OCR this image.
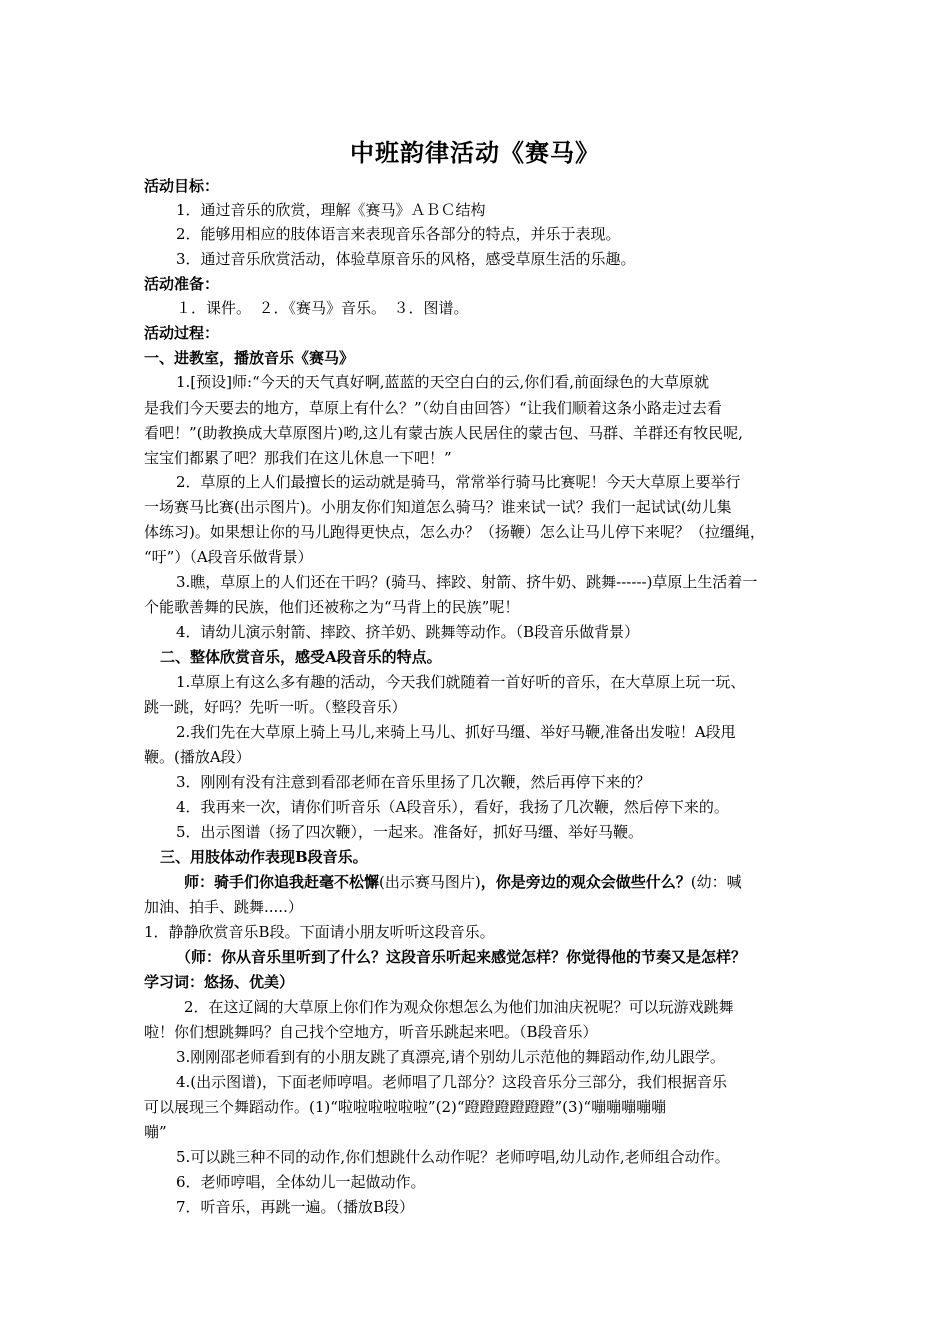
中班韵律活动《赛马》
活动目标：
1．通过音乐的欣赏，理解《赛马》ＡＢＣ结构
2．能够用相应的肢体语言来表现音乐各部分的特点，并乐于表现。
3．通过音乐欣赏活动，体验草原音乐的风格，感受草原生活的乐趣。
活动准备：
１．课件。　２．《赛马》音乐。　３．图谱。
活动过程：
一、进教室，播放音乐《赛马》
1.[预设]师:“今天的天气真好啊,蓝蓝的天空白白的云,你们看,前面绿色的大草原就
是我们今天要去的地方，草原上有什么？”（幼自由回答）“让我们顺着这条小路走过去看
看吧！”(助教换成大草原图片)哟,这儿有蒙古族人民居住的蒙古包、马群、羊群还有牧民呢,
宝宝们都累了吧？那我们在这儿休息一下吧！”
2．草原的上人们最擅长的运动就是骑马，常常举行骑马比赛呢！今天大草原上要举行
一场赛马比赛(出示图片)。小朋友你们知道怎么骑马？谁来试一试？我们一起试试(幼儿集
体练习)。如果想让你的马儿跑得更快点，怎么办？（扬鞭）怎么让马儿停下来呢？（拉缰绳，
“吁”）（A段音乐做背景）
3.瞧，草原上的人们还在干吗？(骑马、摔跤、射箭、挤牛奶、跳舞------)草原上生活着一
个能歌善舞的民族，他们还被称之为“马背上的民族”呢！
4．请幼儿演示射箭、摔跤、挤羊奶、跳舞等动作。（B段音乐做背景）
二、整体欣赏音乐，感受A段音乐的特点。
1.草原上有这么多有趣的活动，今天我们就随着一首好听的音乐，在大草原上玩一玩、
跳一跳，好吗？先听一听。（整段音乐）
2.我们先在大草原上骑上马儿,来骑上马儿、抓好马缰、举好马鞭,准备出发啦！A段甩
鞭。(播放A段）
3．刚刚有没有注意到看邵老师在音乐里扬了几次鞭，然后再停下来的？
4．我再来一次，请你们听音乐（A段音乐），看好，我扬了几次鞭，然后停下来的。
5．出示图谱（扬了四次鞭），一起来。准备好，抓好马缰、举好马鞭。
三、用肢体动作表现B段音乐。
师：骑手们你追我赶毫不松懈(出示赛马图片)，你是旁边的观众会做些什么？(幼：喊
加油、拍手、跳舞.....）
1．静静欣赏音乐B段。下面请小朋友听听这段音乐。
（师：你从音乐里听到了什么？这段音乐听起来感觉怎样？你觉得他的节奏又是怎样？
学习词：悠扬、优美）
2．在这辽阔的大草原上你们作为观众你想怎么为他们加油庆祝呢？可以玩游戏跳舞
啦！你们想跳舞吗？自己找个空地方，听音乐跳起来吧。（B段音乐）
3.刚刚邵老师看到有的小朋友跳了真漂亮,请个别幼儿示范他的舞蹈动作,幼儿跟学。
4.(出示图谱)，下面老师哼唱。老师唱了几部分？这段音乐分三部分，我们根据音乐
可以展现三个舞蹈动作。(1)“啦啦啦啦啦啦”(2)“蹬蹬蹬蹬蹬蹬”(3)“嘣嘣嘣嘣嘣
嘣”
5.可以跳三种不同的动作,你们想跳什么动作呢？老师哼唱,幼儿动作,老师组合动作。
6．老师哼唱，全体幼儿一起做动作。
7．听音乐，再跳一遍。（播放B段）
